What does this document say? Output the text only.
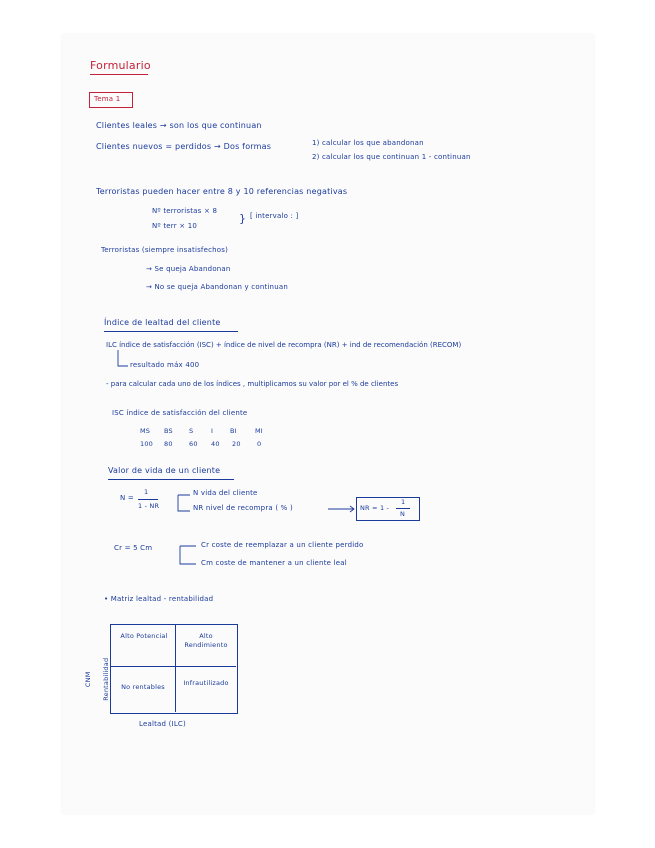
Formulario
Tema 1
Clientes leales → son los que continuan
Clientes nuevos = perdidos → Dos formas	1) calcular los que abandonan
2) calcular los que continuan 1 - continuan
Terroristas pueden hacer entre 8 y 10 referencias negativas
Nº terroristas × 8
Nº terr × 10
} [ intervalo : ]
Terroristas (siempre insatisfechos)
→ Se queja Abandonan
→ No se queja Abandonan y continuan
Índice de lealtad del cliente
ILC índice de satisfacción (ISC) + índice de nivel de recompra (NR) + ind de recomendación (RECOM)
resultado máx 400
- para calcular cada uno de los índices , multiplicamos su valor por el % de clientes
ISC índice de satisfacción del cliente
MS BS S	I	BI	MI
100 80	60 40 20	0
Valor de vida de un cliente
N =
1
1 - NR
N vida del cliente
NR nivel de recompra ( % )	NR = 1 -
1
N
Cr = 5 Cm	Cr coste de reemplazar a un cliente perdido
Cm coste de mantener a un cliente leal
• Matriz lealtad - rentabilidad
Alto Potencial	Alto Rendimiento
No rentables	Infrautilizado
Rentabilidad
CNM
Lealtad (ILC)
